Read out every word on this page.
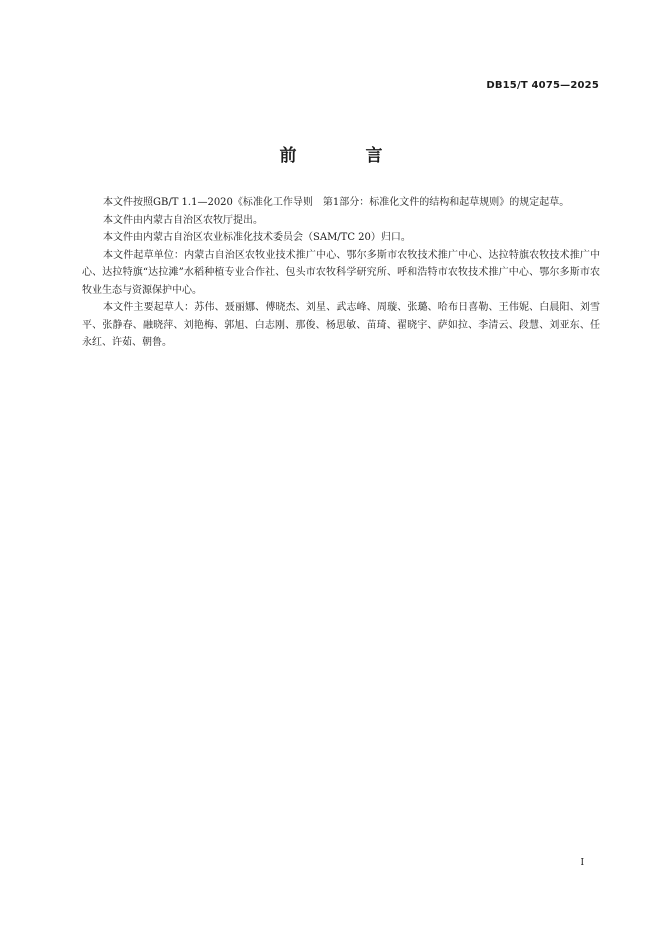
DB15/T 4075—2025
前　言

本文件按照GB/T 1.1—2020《标准化工作导则　第1部分：标准化文件的结构和起草规则》的规定起草。

本文件由内蒙古自治区农牧厅提出。

本文件由内蒙古自治区农业标准化技术委员会（SAM/TC 20）归口。

本文件起草单位：内蒙古自治区农牧业技术推广中心、鄂尔多斯市农牧技术推广中心、达拉特旗农牧技术推广中心、达拉特旗“达拉滩”水稻种植专业合作社、包头市农牧科学研究所、呼和浩特市农牧技术推广中心、鄂尔多斯市农牧业生态与资源保护中心。

本文件主要起草人：苏伟、聂丽娜、傅晓杰、刘星、武志峰、周璇、张璐、哈布日喜勒、王伟妮、白晨阳、刘雪平、张静春、融晓萍、刘艳梅、郭旭、白志刚、那俊、杨思敏、苗琦、翟晓宇、萨如拉、李清云、段慧、刘亚东、任永红、许茹、朝鲁。

I
